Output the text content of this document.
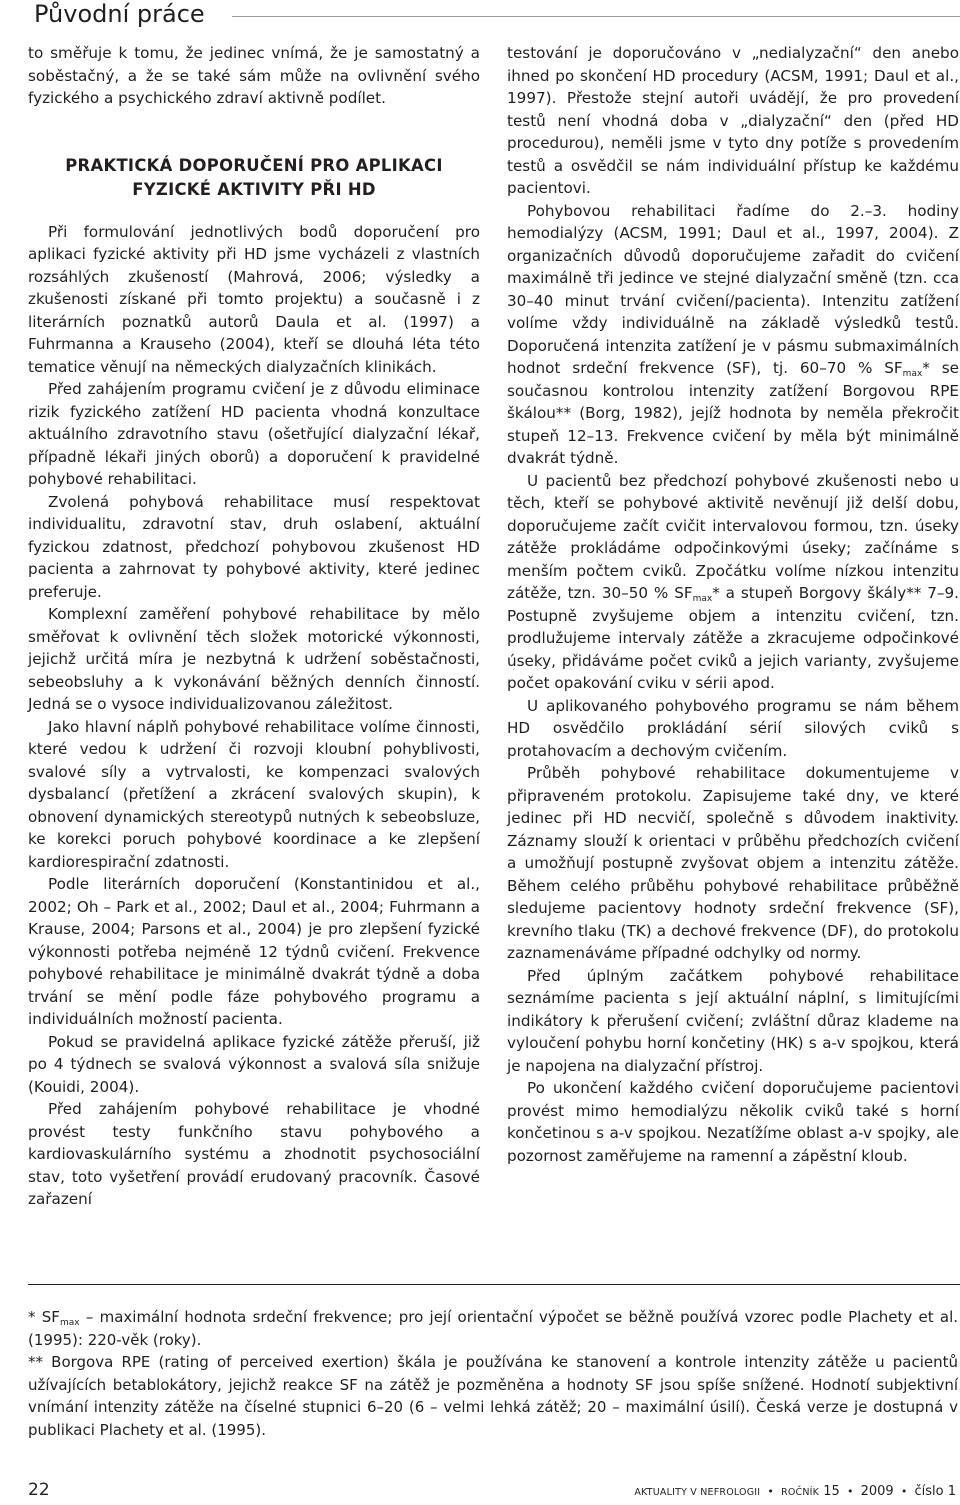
Původní práce

to směřuje k tomu, že jedinec vnímá, že je samostatný a soběstačný, a že se také sám může na ovlivnění svého fyzického a psychického zdraví aktivně podílet.

PRAKTICKÁ DOPORUČENÍ PRO APLIKACI FYZICKÉ AKTIVITY PŘI HD

Při formulování jednotlivých bodů doporučení pro aplikaci fyzické aktivity při HD jsme vycházeli z vlastních rozsáhlých zkušeností (Mahrová, 2006; výsledky a zkušenosti získané při tomto projektu) a současně i z literárních poznatků autorů Daula et al. (1997) a Fuhrmanna a Krauseho (2004), kteří se dlouhá léta této tematice věnují na německých dialyzačních klinikách.

Před zahájením programu cvičení je z důvodu eliminace rizik fyzického zatížení HD pacienta vhodná konzultace aktuálního zdravotního stavu (ošetřující dialyzační lékař, případně lékaři jiných oborů) a doporučení k pravidelné pohybové rehabilitaci.

Zvolená pohybová rehabilitace musí respektovat individualitu, zdravotní stav, druh oslabení, aktuální fyzickou zdatnost, předchozí pohybovou zkušenost HD pacienta a zahrnovat ty pohybové aktivity, které jedinec preferuje.

Komplexní zaměření pohybové rehabilitace by mělo směřovat k ovlivnění těch složek motorické výkonnosti, jejichž určitá míra je nezbytná k udržení soběstačnosti, sebeobsluhy a k vykonávání běžných denních činností. Jedná se o vysoce individualizovanou záležitost.

Jako hlavní náplň pohybové rehabilitace volíme činnosti, které vedou k udržení či rozvoji kloubní pohyblivosti, svalové síly a vytrvalosti, ke kompenzaci svalových dysbalancí (přetížení a zkrácení svalových skupin), k obnovení dynamických stereotypů nutných k sebeobsluze, ke korekci poruch pohybové koordinace a ke zlepšení kardiorespirační zdatnosti.

Podle literárních doporučení (Konstantinidou et al., 2002; Oh – Park et al., 2002; Daul et al., 2004; Fuhrmann a Krause, 2004; Parsons et al., 2004) je pro zlepšení fyzické výkonnosti potřeba nejméně 12 týdnů cvičení. Frekvence pohybové rehabilitace je minimálně dvakrát týdně a doba trvání se mění podle fáze pohybového programu a individuálních možností pacienta.

Pokud se pravidelná aplikace fyzické zátěže přeruší, již po 4 týdnech se svalová výkonnost a svalová síla snižuje (Kouidi, 2004).

Před zahájením pohybové rehabilitace je vhodné provést testy funkčního stavu pohybového a kardiovaskulárního systému a zhodnotit psychosociální stav, toto vyšetření provádí erudovaný pracovník. Časové zařazení

testování je doporučováno v „nedialyzační“ den anebo ihned po skončení HD procedury (ACSM, 1991; Daul et al., 1997). Přestože stejní autoři uvádějí, že pro provedení testů není vhodná doba v „dialyzační“ den (před HD procedurou), neměli jsme v tyto dny potíže s provedením testů a osvědčil se nám individuální přístup ke každému pacientovi.

Pohybovou rehabilitaci řadíme do 2.–3. hodiny hemodialýzy (ACSM, 1991; Daul et al., 1997, 2004). Z organizačních důvodů doporučujeme zařadit do cvičení maximálně tři jedince ve stejné dialyzační směně (tzn. cca 30–40 minut trvání cvičení/pacienta). Intenzitu zatížení volíme vždy individuálně na základě výsledků testů. Doporučená intenzita zatížení je v pásmu submaximálních hodnot srdeční frekvence (SF), tj. 60–70 % $SF_{max}*$ se současnou kontrolou intenzity zatížení Borgovou RPE škálou** (Borg, 1982), jejíž hodnota by neměla překročit stupeň 12–13. Frekvence cvičení by měla být minimálně dvakrát týdně.

U pacientů bez předchozí pohybové zkušenosti nebo u těch, kteří se pohybové aktivitě nevěnují již delší dobu, doporučujeme začít cvičit intervalovou formou, tzn. úseky zátěže prokládáme odpočinkovými úseky; začínáme s menším počtem cviků. Zpočátku volíme nízkou intenzitu zátěže, tzn. 30–50 % $SF_{max}*$ a stupeň Borgovy škály** 7–9. Postupně zvyšujeme objem a intenzitu cvičení, tzn. prodlužujeme intervaly zátěže a zkracujeme odpočinkové úseky, přidáváme počet cviků a jejich varianty, zvyšujeme počet opakování cviku v sérii apod.

U aplikovaného pohybového programu se nám během HD osvědčilo prokládání sérií silových cviků s protahovacím a dechovým cvičením.

Průběh pohybové rehabilitace dokumentujeme v připraveném protokolu. Zapisujeme také dny, ve které jedinec při HD necvičí, společně s důvodem inaktivity. Záznamy slouží k orientaci v průběhu předchozích cvičení a umožňují postupně zvyšovat objem a intenzitu zátěže. Během celého průběhu pohybové rehabilitace průběžně sledujeme pacientovy hodnoty srdeční frekvence (SF), krevního tlaku (TK) a dechové frekvence (DF), do protokolu zaznamenáváme případné odchylky od normy.

Před úplným začátkem pohybové rehabilitace seznámíme pacienta s její aktuální náplní, s limitujícími indikátory k přerušení cvičení; zvláštní důraz klademe na vyloučení pohybu horní končetiny (HK) s a-v spojkou, která je napojena na dialyzační přístroj.

Po ukončení každého cvičení doporučujeme pacientovi provést mimo hemodialýzu několik cviků také s horní končetinou s a-v spojkou. Nezatížíme oblast a-v spojky, ale pozornost zaměřujeme na ramenní a zápěstní kloub.

* $SF_{max}$ – maximální hodnota srdeční frekvence; pro její orientační výpočet se běžně používá vzorec podle Plachety et al. (1995): 220-věk (roky).

** Borgova RPE (rating of perceived exertion) škála je používána ke stanovení a kontrole intenzity zátěže u pacientů užívajících betablokátory, jejichž reakce SF na zátěž je pozměněna a hodnoty SF jsou spíše snížené. Hodnotí subjektivní vnímání intenzity zátěže na číselné stupnici 6–20 (6 – velmi lehká zátěž; 20 – maximální úsilí). Česká verze je dostupná v publikaci Plachety et al. (1995).

22	AKTUALITY V NEFROLOGII • ROČNÍK 15 • 2009 • číslo 1
